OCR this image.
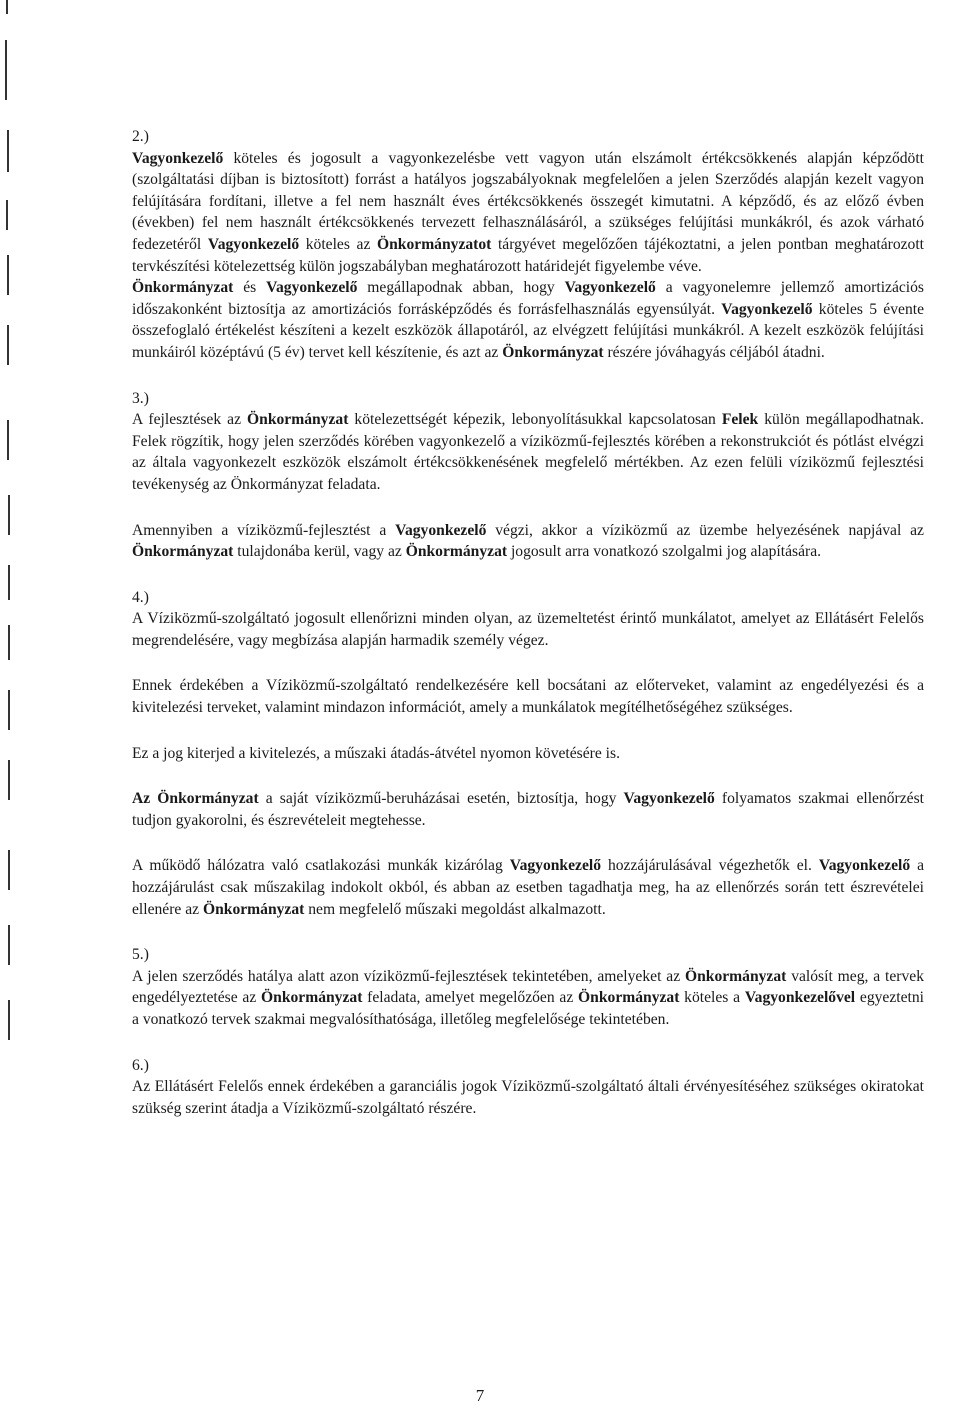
2.)

Vagyonkezelő köteles és jogosult a vagyonkezelésbe vett vagyon után elszámolt értékcsökkenés alapján képződött (szolgáltatási díjban is biztosított) forrást a hatályos jogszabályoknak megfelelően a jelen Szerződés alapján kezelt vagyon felújítására fordítani, illetve a fel nem használt éves értékcsökkenés összegét kimutatni. A képződő, és az előző évben (években) fel nem használt értékcsökkenés tervezett felhasználásáról, a szükséges felújítási munkákról, és azok várható fedezetéről Vagyonkezelő köteles az Önkormányzatot tárgyévet megelőzően tájékoztatni, a jelen pontban meghatározott tervkészítési kötelezettség külön jogszabályban meghatározott határidejét figyelembe véve.

Önkormányzat és Vagyonkezelő megállapodnak abban, hogy Vagyonkezelő a vagyonelemre jellemző amortizációs időszakonként biztosítja az amortizációs forrásképződés és forrásfelhasználás egyensúlyát. Vagyonkezelő köteles 5 évente összefoglaló értékelést készíteni a kezelt eszközök állapotáról, az elvégzett felújítási munkákról. A kezelt eszközök felújítási munkáiról középtávú (5 év) tervet kell készítenie, és azt az Önkormányzat részére jóváhagyás céljából átadni.

3.)

A fejlesztések az Önkormányzat kötelezettségét képezik, lebonyolításukkal kapcsolatosan Felek külön megállapodhatnak. Felek rögzítik, hogy jelen szerződés körében vagyonkezelő a víziközmű-fejlesztés körében a rekonstrukciót és pótlást elvégzi az általa vagyonkezelt eszközök elszámolt értékcsökkenésének megfelelő mértékben. Az ezen felüli víziközmű fejlesztési tevékenység az Önkormányzat feladata.

Amennyiben a víziközmű-fejlesztést a Vagyonkezelő végzi, akkor a víziközmű az üzembe helyezésének napjával az Önkormányzat tulajdonába kerül, vagy az Önkormányzat jogosult arra vonatkozó szolgalmi jog alapítására.

4.)

A Víziközmű-szolgáltató jogosult ellenőrizni minden olyan, az üzemeltetést érintő munkálatot, amelyet az Ellátásért Felelős megrendelésére, vagy megbízása alapján harmadik személy végez.

Ennek érdekében a Víziközmű-szolgáltató rendelkezésére kell bocsátani az előterveket, valamint az engedélyezési és a kivitelezési terveket, valamint mindazon információt, amely a munkálatok megítélhetőségéhez szükséges.

Ez a jog kiterjed a kivitelezés, a műszaki átadás-átvétel nyomon követésére is.

Az Önkormányzat a saját víziközmű-beruházásai esetén, biztosítja, hogy Vagyonkezelő folyamatos szakmai ellenőrzést tudjon gyakorolni, és észrevételeit megtehesse.

A működő hálózatra való csatlakozási munkák kizárólag Vagyonkezelő hozzájárulásával végezhetők el. Vagyonkezelő a hozzájárulást csak műszakilag indokolt okból, és abban az esetben tagadhatja meg, ha az ellenőrzés során tett észrevételei ellenére az Önkormányzat nem megfelelő műszaki megoldást alkalmazott.

5.)

A jelen szerződés hatálya alatt azon víziközmű-fejlesztések tekintetében, amelyeket az Önkormányzat valósít meg, a tervek engedélyeztetése az Önkormányzat feladata, amelyet megelőzően az Önkormányzat köteles a Vagyonkezelővel egyeztetni a vonatkozó tervek szakmai megvalósíthatósága, illetőleg megfelelősége tekintetében.

6.)

Az Ellátásért Felelős ennek érdekében a garanciális jogok Víziközmű-szolgáltató általi érvényesítéséhez szükséges okiratokat szükség szerint átadja a Víziközmű-szolgáltató részére.

7
